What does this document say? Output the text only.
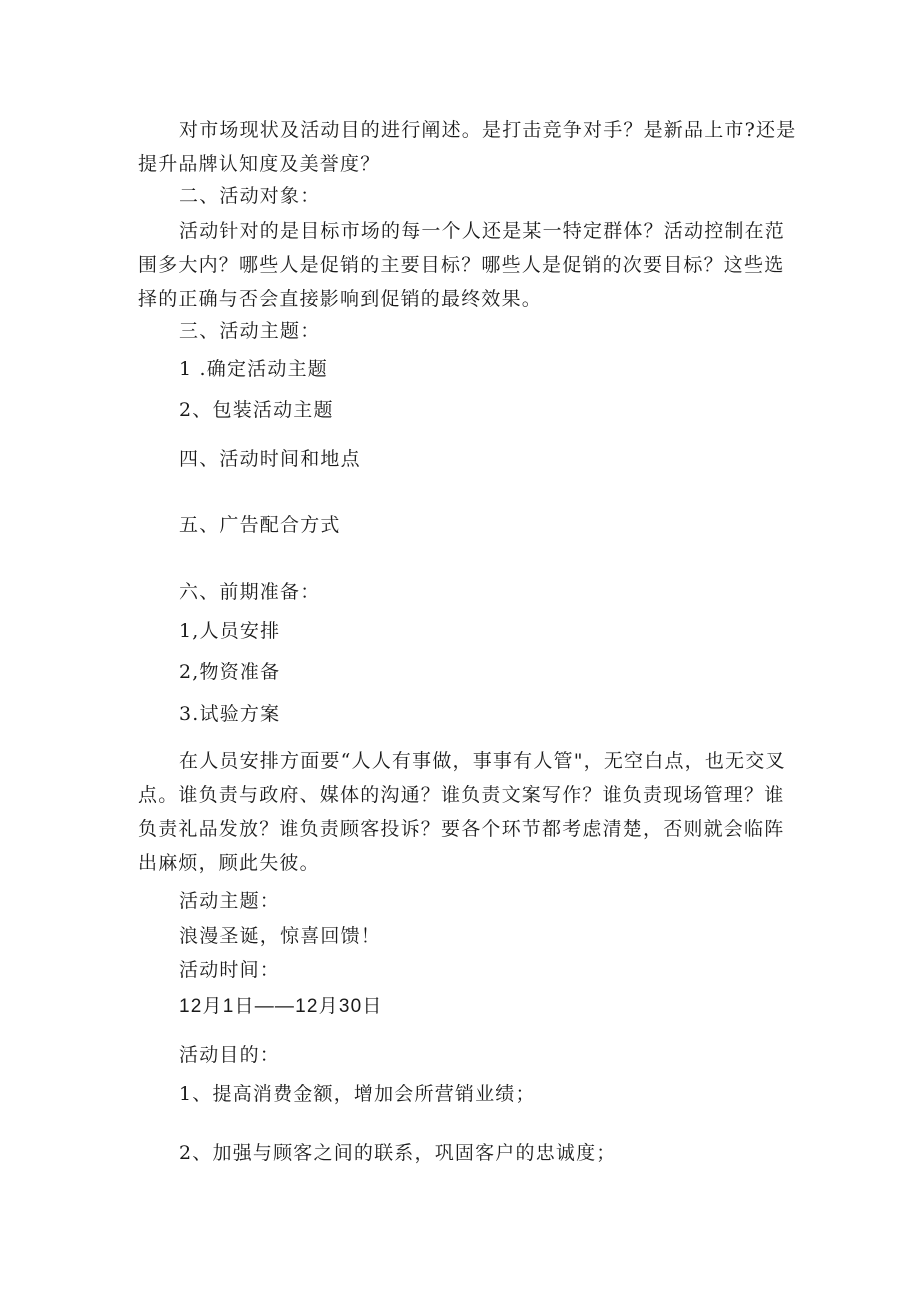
对市场现状及活动目的进行阐述。是打击竞争对手？是新品上市?还是提升品牌认知度及美誉度？
二、活动对象：
活动针对的是目标市场的每一个人还是某一特定群体？活动控制在范围多大内？哪些人是促销的主要目标？哪些人是促销的次要目标？这些选择的正确与否会直接影响到促销的最终效果。
三、活动主题：
1 .确定活动主题
2、包装活动主题
四、活动时间和地点
五、广告配合方式
六、前期准备：
1,人员安排
2,物资准备
3.试验方案
在人员安排方面要“人人有事做，事事有人管"，无空白点，也无交叉点。谁负责与政府、媒体的沟通？谁负责文案写作？谁负责现场管理？谁负责礼品发放？谁负责顾客投诉？要各个环节都考虑清楚，否则就会临阵出麻烦，顾此失彼。
活动主题：
浪漫圣诞，惊喜回馈！
活动时间：
12月1日——12月30日
活动目的：
1、提高消费金额，增加会所营销业绩；
2、加强与顾客之间的联系，巩固客户的忠诚度；
